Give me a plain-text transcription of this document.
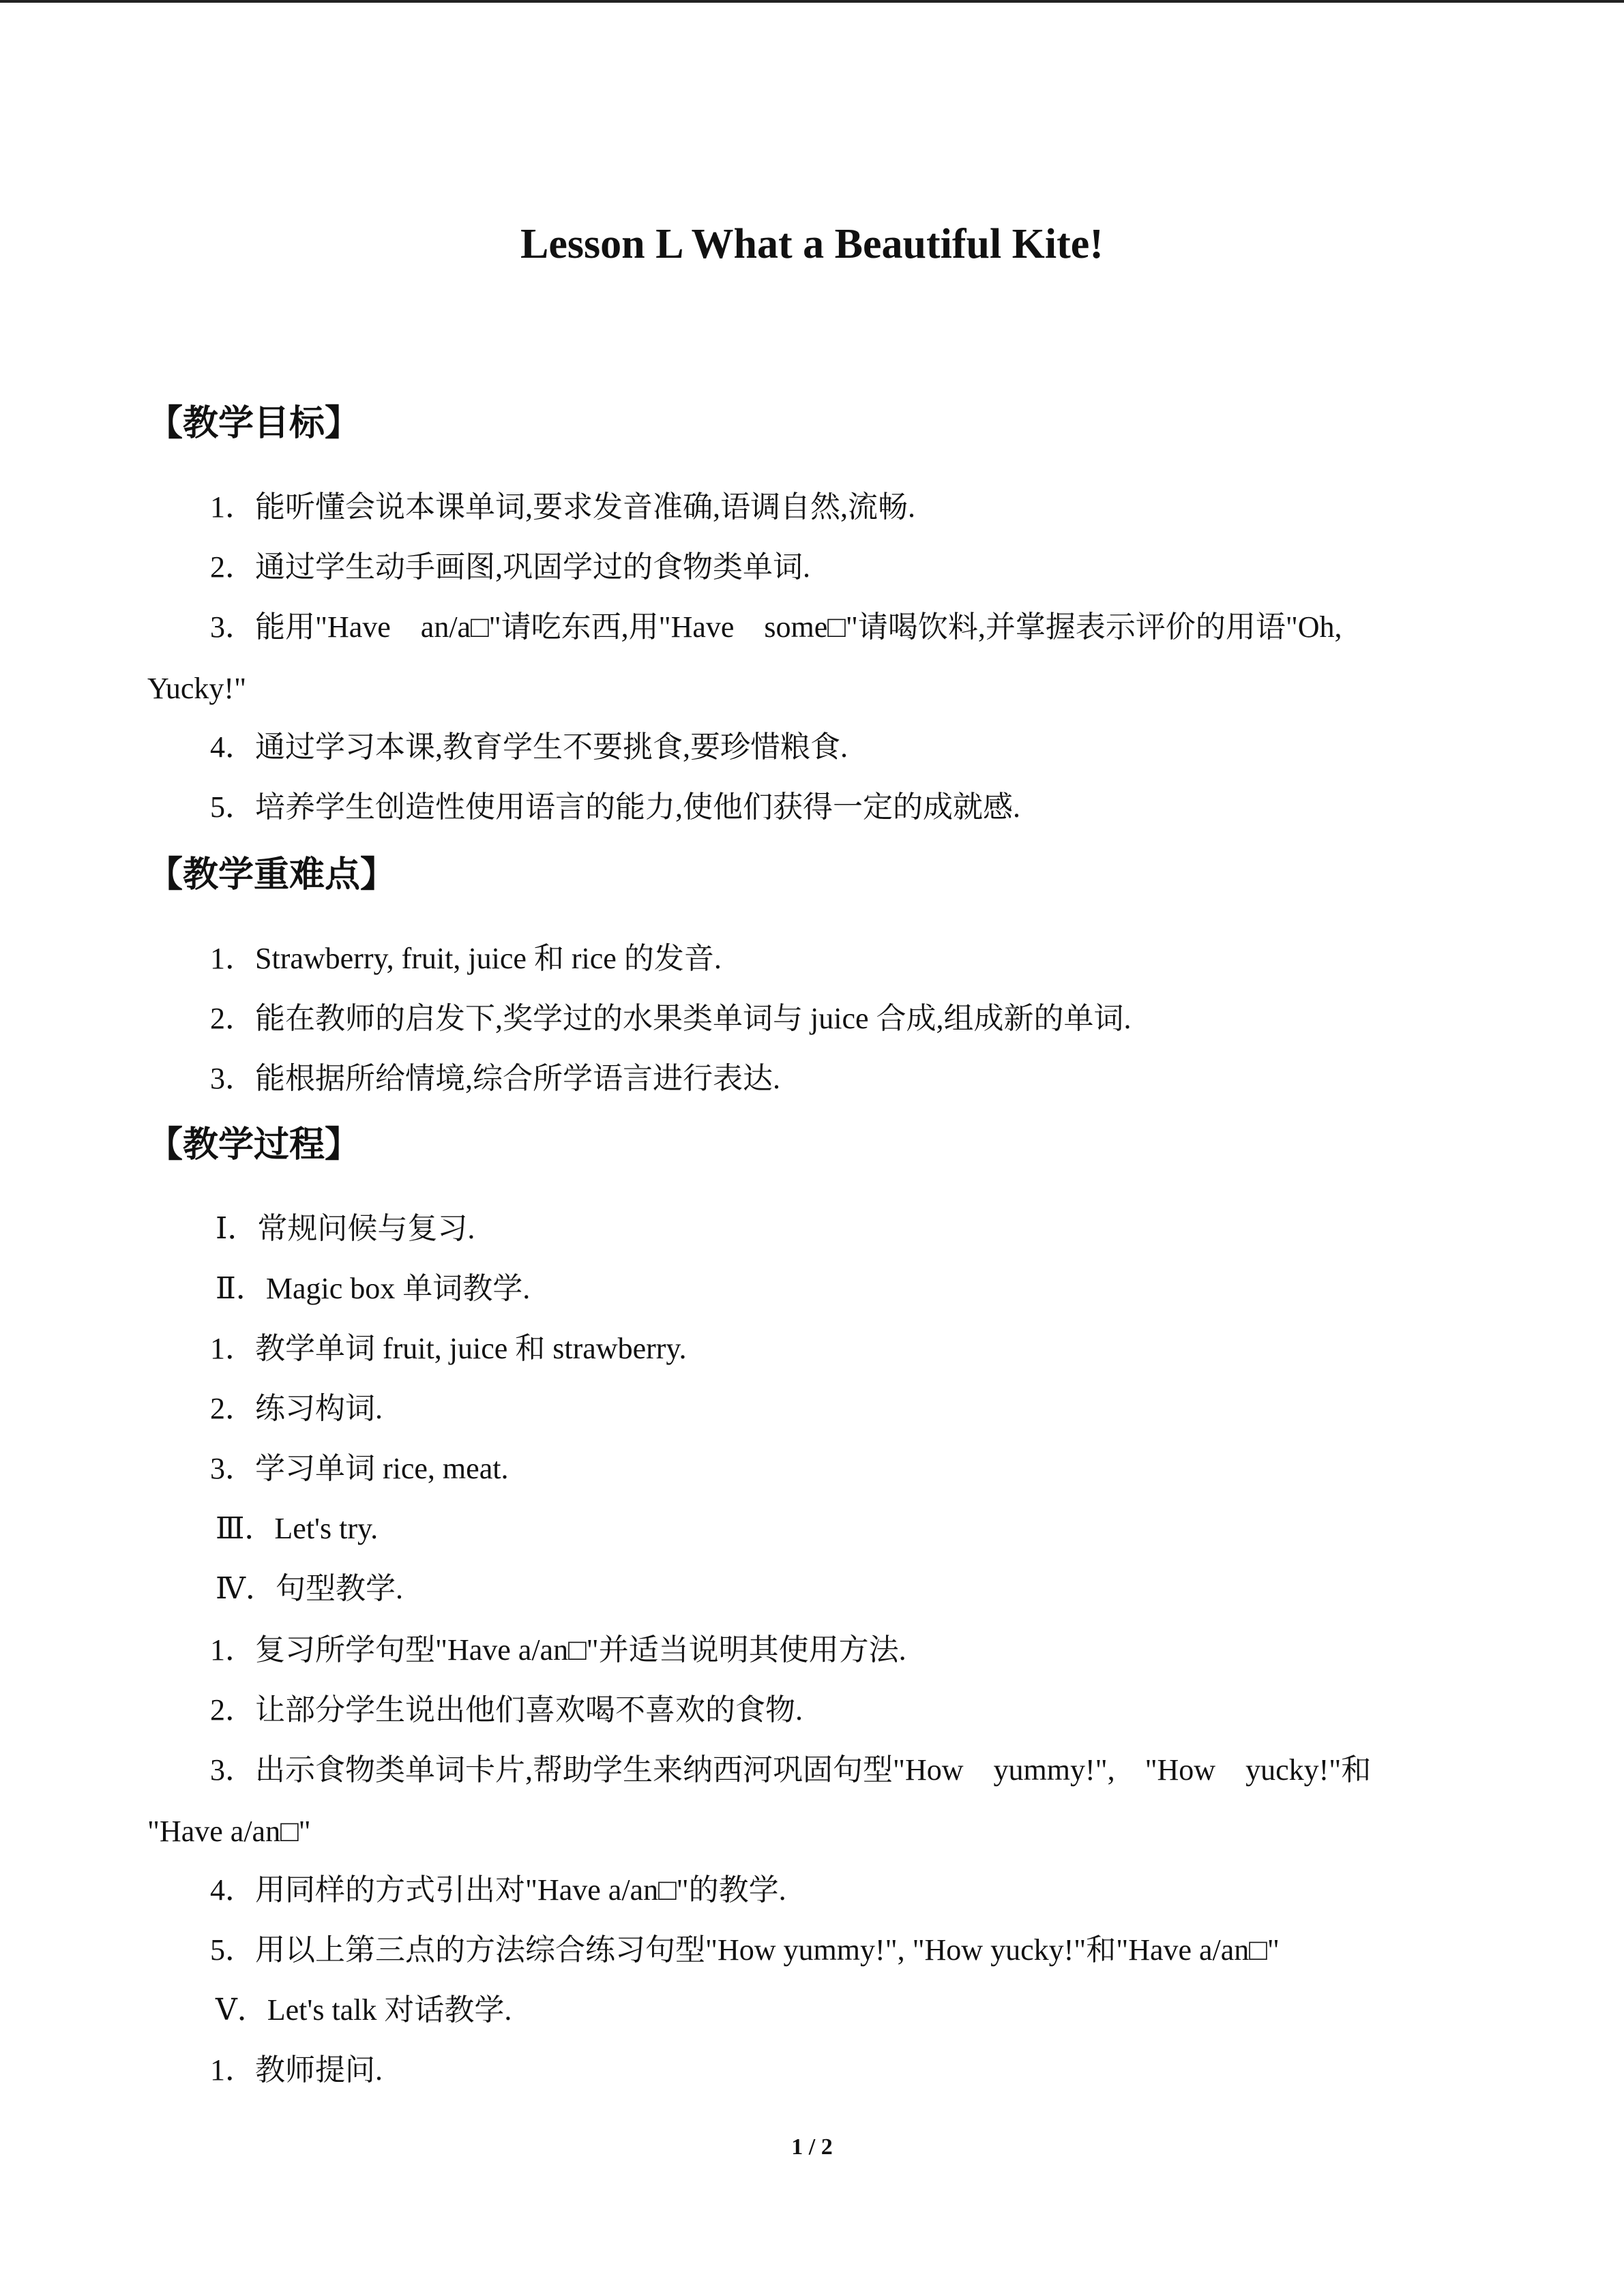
Lesson L What a Beautiful Kite!
【教学目标】
1．能听懂会说本课单词,要求发音准确,语调自然,流畅.
2．通过学生动手画图,巩固学过的食物类单词.
3．能用"Have　an/a□"请吃东西,用"Have　some□"请喝饮料,并掌握表示评价的用语"Oh,
Yucky!"
4．通过学习本课,教育学生不要挑食,要珍惜粮食.
5．培养学生创造性使用语言的能力,使他们获得一定的成就感.
【教学重难点】
1．Strawberry, fruit, juice 和 rice 的发音.
2．能在教师的启发下,奖学过的水果类单词与 juice 合成,组成新的单词.
3．能根据所给情境,综合所学语言进行表达.
【教学过程】
Ⅰ．常规问候与复习.
Ⅱ．Magic box 单词教学.
1．教学单词 fruit, juice 和 strawberry.
2．练习构词.
3．学习单词 rice, meat.
Ⅲ．Let's try.
Ⅳ．句型教学.
1．复习所学句型"Have a/an□"并适当说明其使用方法.
2．让部分学生说出他们喜欢喝不喜欢的食物.
3．出示食物类单词卡片,帮助学生来纳西河巩固句型"How　yummy!",　"How　yucky!"和
"Have a/an□"
4．用同样的方式引出对"Have a/an□"的教学.
5．用以上第三点的方法综合练习句型"How yummy!", "How yucky!"和"Have a/an□"
Ⅴ．Let's talk 对话教学.
1．教师提问.
1 / 2
